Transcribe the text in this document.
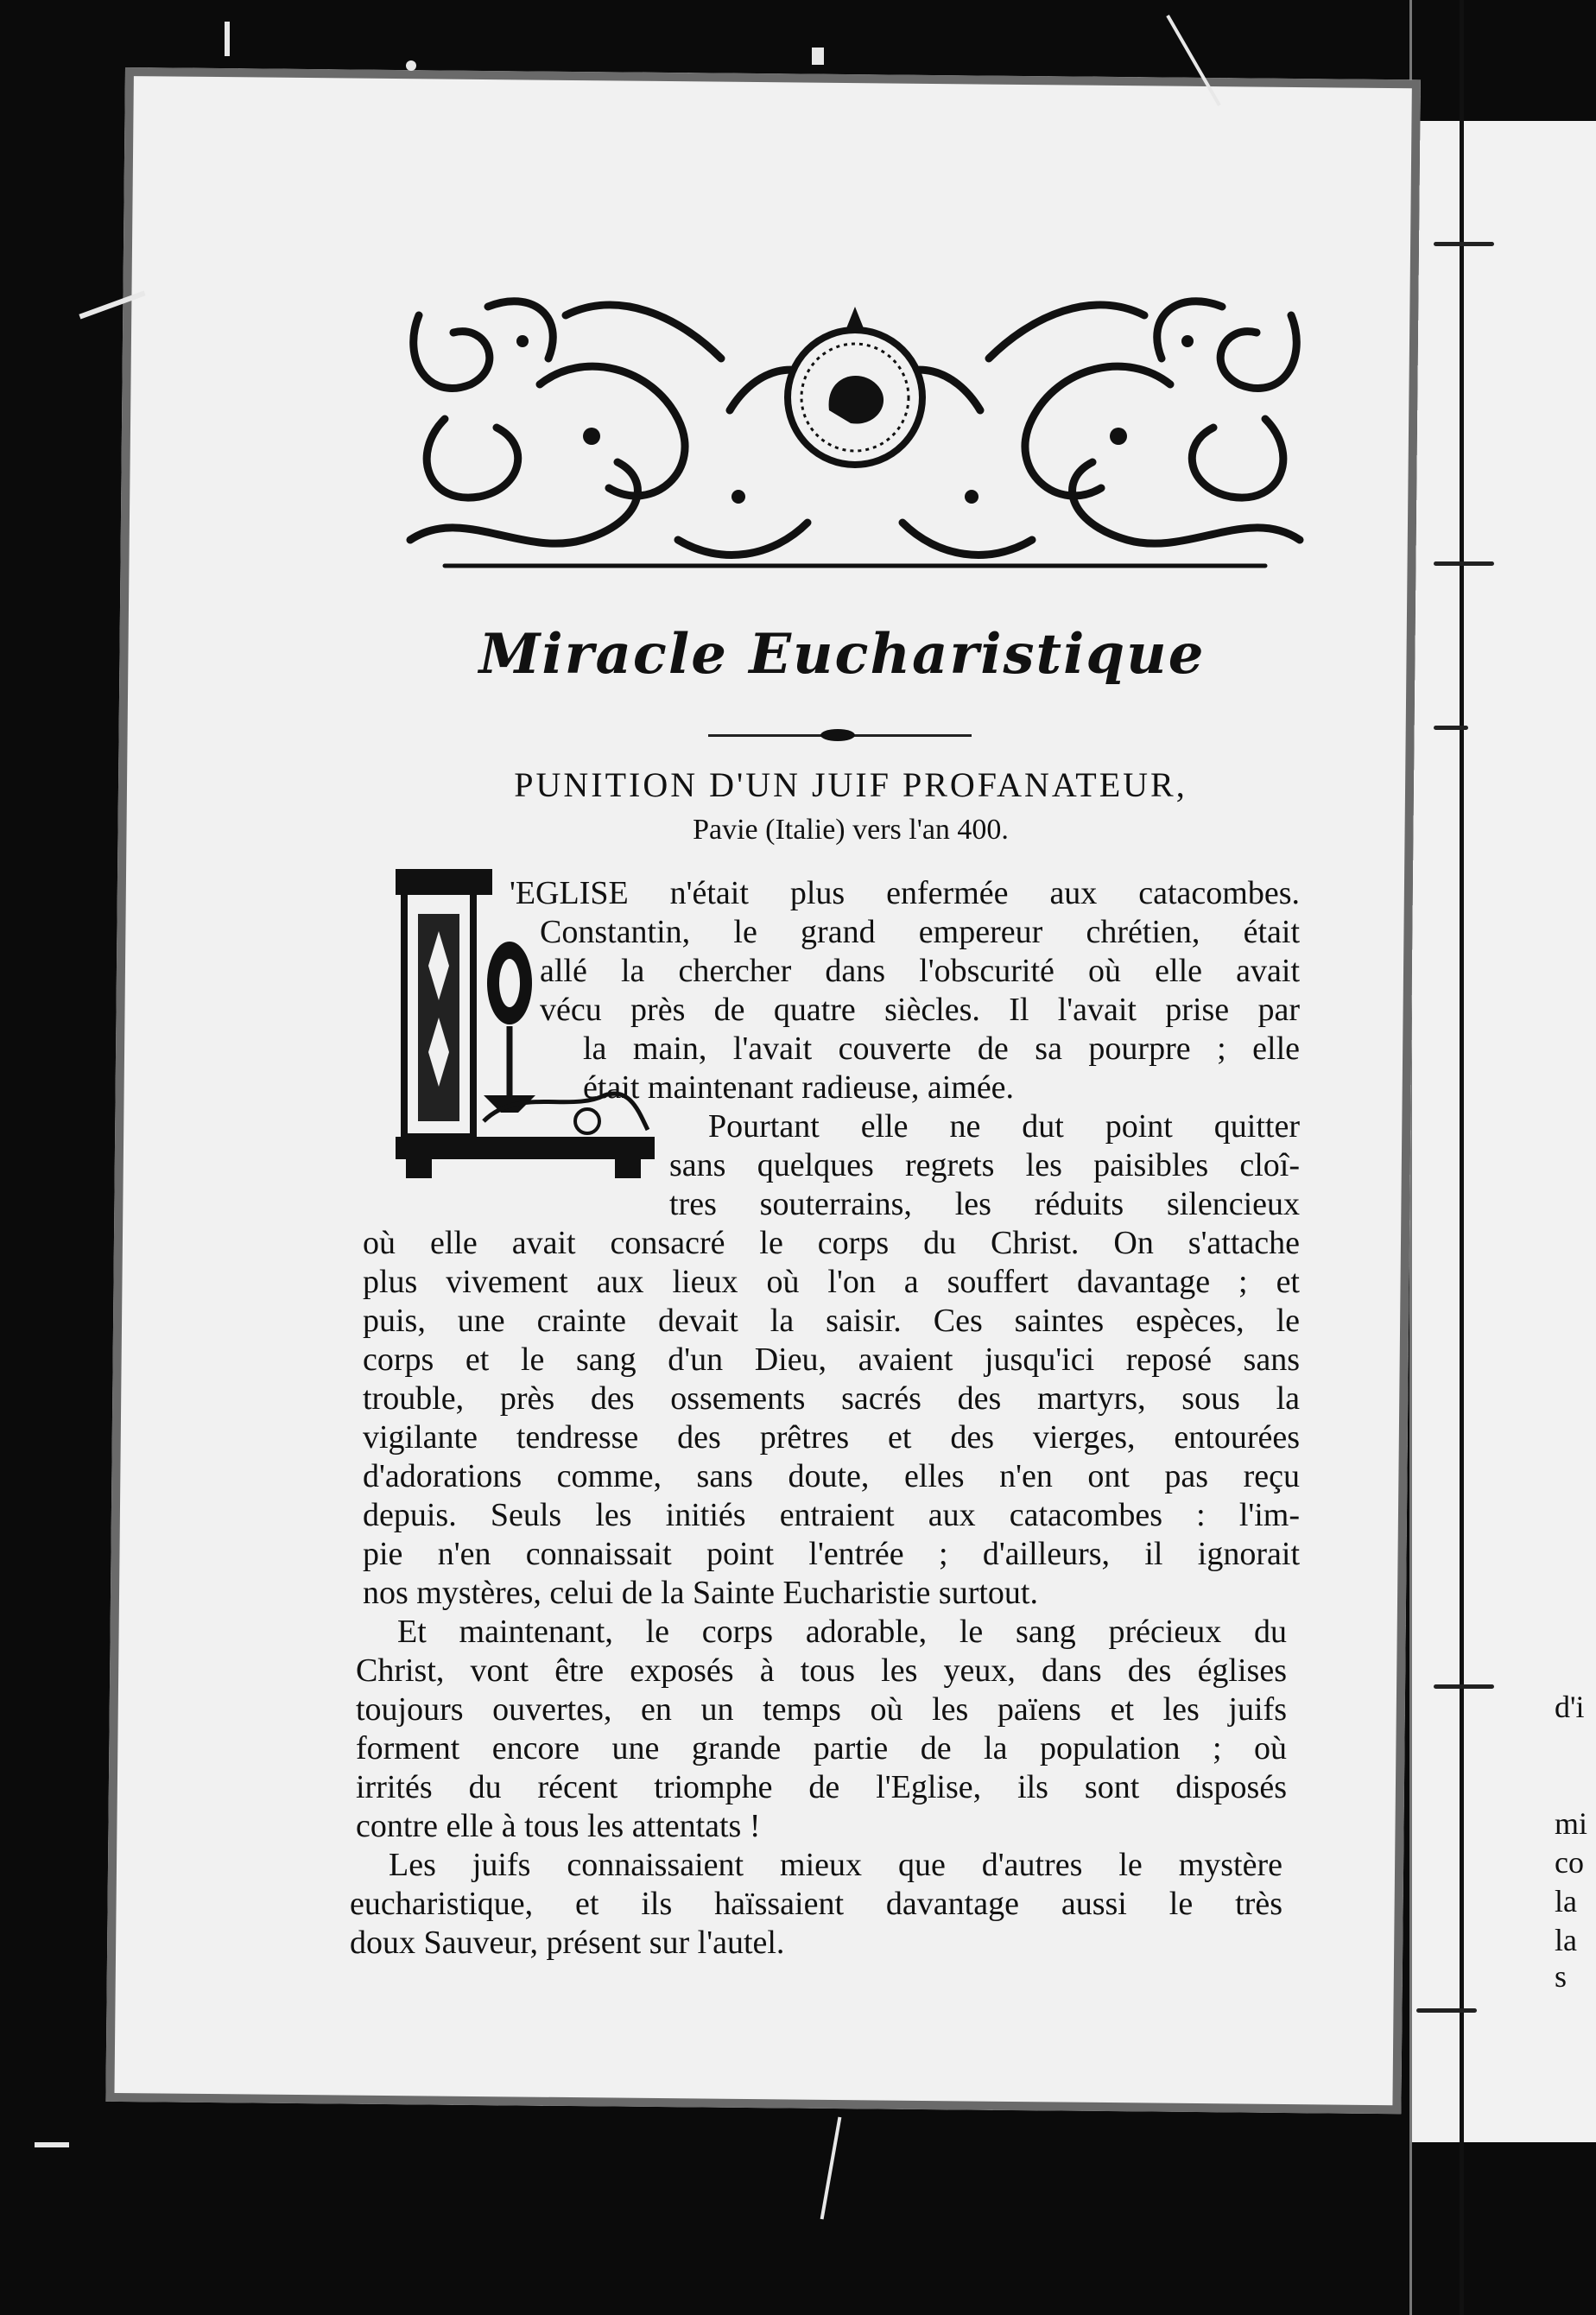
Miracle Eucharistique
PUNITION D'UN JUIF PROFANATEUR,
Pavie (Italie) vers l'an 400.
'EGLISE n'était plus enfermée aux catacombes.
Constantin, le grand empereur chrétien, était
allé la chercher dans l'obscurité où elle avait
vécu près de quatre siècles. Il l'avait prise par
la main, l'avait couverte de sa pourpre ; elle
était maintenant radieuse, aimée.
Pourtant elle ne dut point quitter
sans quelques regrets les paisibles cloî-
tres souterrains, les réduits silencieux
où elle avait consacré le corps du Christ. On s'attache
plus vivement aux lieux où l'on a souffert davantage ; et
puis, une crainte devait la saisir. Ces saintes espèces, le
corps et le sang d'un Dieu, avaient jusqu'ici reposé sans
trouble, près des ossements sacrés des martyrs, sous la
vigilante tendresse des prêtres et des vierges, entourées
d'adorations comme, sans doute, elles n'en ont pas reçu
depuis. Seuls les initiés entraient aux catacombes : l'im-
pie n'en connaissait point l'entrée ; d'ailleurs, il ignorait
nos mystères, celui de la Sainte Eucharistie surtout.
Et maintenant, le corps adorable, le sang précieux du
Christ, vont être exposés à tous les yeux, dans des églises
toujours ouvertes, en un temps où les païens et les juifs
forment encore une grande partie de la population ; où
irrités du récent triomphe de l'Eglise, ils sont disposés
contre elle à tous les attentats !
Les juifs connaissaient mieux que d'autres le mystère
eucharistique, et ils haïssaient davantage aussi le très
doux Sauveur, présent sur l'autel.
d'i
mi
co
la
la s
